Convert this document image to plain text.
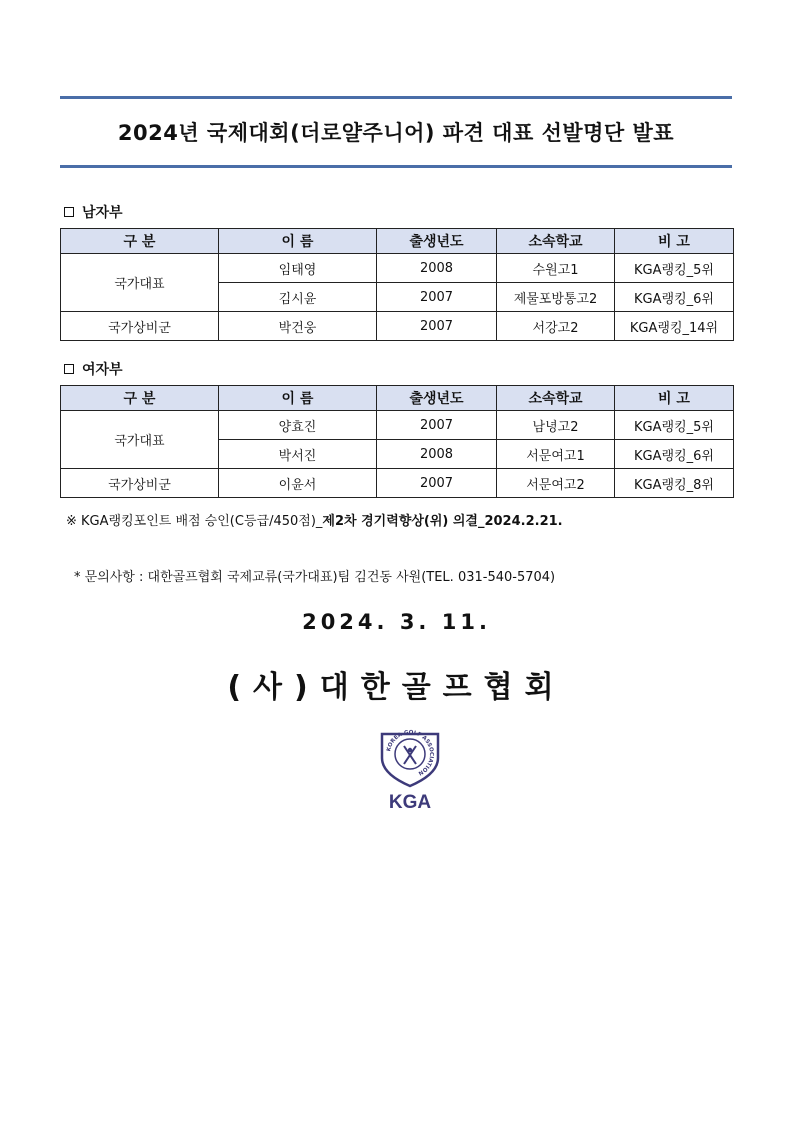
2024년 국제대회(더로얄주니어) 파견 대표 선발명단 발표
남자부
구 분	이 름	출생년도	소속학교	비 고
국가대표	임태영	2008	수원고1	KGA랭킹_5위
	김시윤	2007	제물포방통고2	KGA랭킹_6위
국가상비군	박건웅	2007	서강고2	KGA랭킹_14위
여자부
구 분	이 름	출생년도	소속학교	비 고
국가대표	양효진	2007	남녕고2	KGA랭킹_5위
	박서진	2008	서문여고1	KGA랭킹_6위
국가상비군	이윤서	2007	서문여고2	KGA랭킹_8위
※ KGA랭킹포인트 배점 승인(C등급/450점)_제2차 경기력향상(위) 의결_2024.2.21.
* 문의사항 : 대한골프협회 국제교류(국가대표)팀 김건동 사원(TEL. 031-540-5704)
2024. 3. 11.
(사)대한골프협회
KOREA GOLF ASSOCIATION
KGA
